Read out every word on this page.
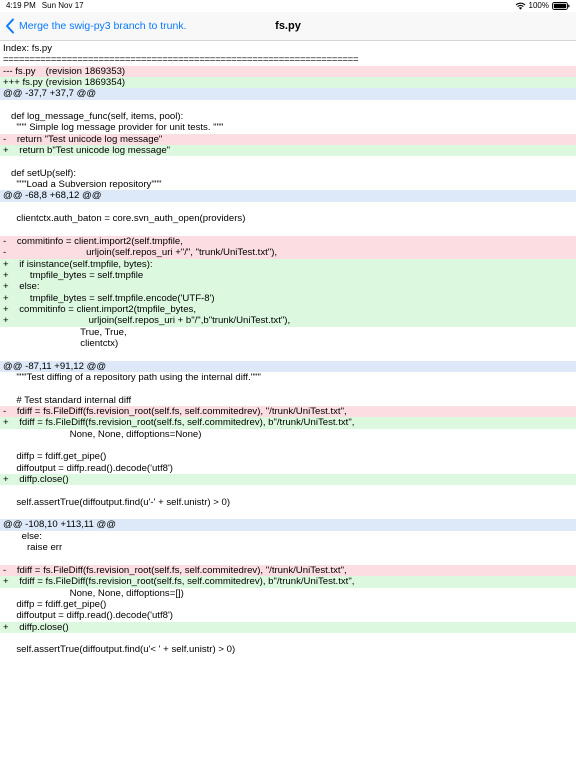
4:19 PM Sun Nov 17	100%
Merge the swig-py3 branch to trunk.	fs.py
Index: fs.py
===================================================================
--- fs.py	(revision 1869353)
+++ fs.py	(revision 1869354)
@@ -37,7 +37,7 @@

def log_message_func(self, items, pool):
""" Simple log message provider for unit tests. """
-    return "Test unicode log message"
+    return b"Test unicode log message"

def setUp(self):
"""Load a Subversion repository"""
@@ -68,8 +68,12 @@

clientctx.auth_baton = core.svn_auth_open(providers)

-    commitinfo = client.import2(self.tmpfile,
-                              urljoin(self.repos_uri +"/", "trunk/UniTest.txt"),
+    if isinstance(self.tmpfile, bytes):
+        tmpfile_bytes = self.tmpfile
+    else:
+        tmpfile_bytes = self.tmpfile.encode('UTF-8')
+    commitinfo = client.import2(tmpfile_bytes,
+                              urljoin(self.repos_uri + b"/",b"trunk/UniTest.txt"),
True, True,
clientctx)

@@ -87,11 +91,12 @@
"""Test diffing of a repository path using the internal diff."""

# Test standard internal diff
-    fdiff = fs.FileDiff(fs.revision_root(self.fs, self.commitedrev), "/trunk/UniTest.txt",
+    fdiff = fs.FileDiff(fs.revision_root(self.fs, self.commitedrev), b"/trunk/UniTest.txt",
None, None, diffoptions=None)

diffp = fdiff.get_pipe()
diffoutput = diffp.read().decode('utf8')
+    diffp.close()

self.assertTrue(diffoutput.find(u'-' + self.unistr) > 0)

@@ -108,10 +113,11 @@
else:
raise err

-    fdiff = fs.FileDiff(fs.revision_root(self.fs, self.commitedrev), "/trunk/UniTest.txt",
+    fdiff = fs.FileDiff(fs.revision_root(self.fs, self.commitedrev), b"/trunk/UniTest.txt",
None, None, diffoptions=[])
diffp = fdiff.get_pipe()
diffoutput = diffp.read().decode('utf8')
+    diffp.close()

self.assertTrue(diffoutput.find(u'< ' + self.unistr) > 0)
